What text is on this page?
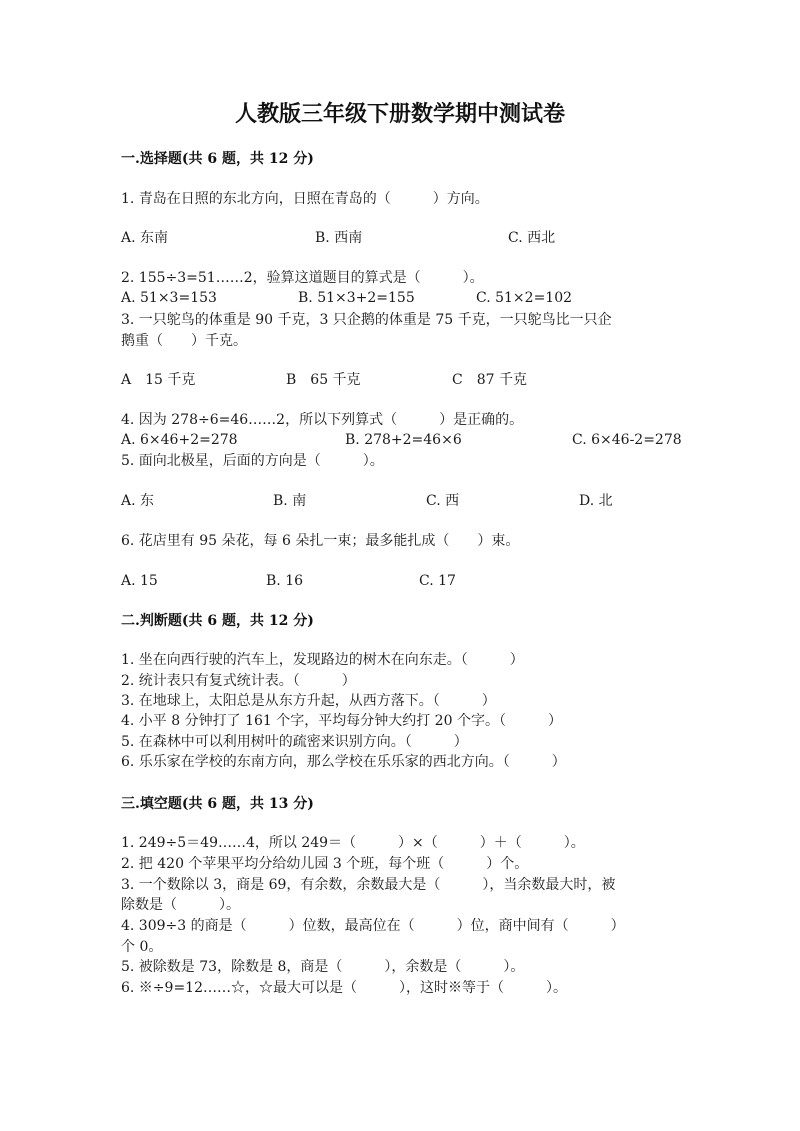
人教版三年级下册数学期中测试卷
一.选择题(共 6 题，共 12 分)
1. 青岛在日照的东北方向，日照在青岛的（　　　）方向。
A. 东南	B. 西南	C. 西北
2. 155÷3=51……2，验算这道题目的算式是（　　　）。
A. 51×3=153	B. 51×3+2=155	C. 51×2=102
3. 一只鸵鸟的体重是 90 千克，3 只企鹅的体重是 75 千克，一只鸵鸟比一只企
鹅重（　　）千克。
A　15 千克	B　65 千克	C　87 千克
4. 因为 278÷6=46……2，所以下列算式（　　　）是正确的。
A. 6×46+2=278	B. 278+2=46×6	C. 6×46-2=278
5. 面向北极星，后面的方向是（　　　）。
A. 东	B. 南	C. 西	D. 北
6. 花店里有 95 朵花，每 6 朵扎一束；最多能扎成（　　）束。
A. 15	B. 16	C. 17
二.判断题(共 6 题，共 12 分)
1. 坐在向西行驶的汽车上，发现路边的树木在向东走。（　　　）
2. 统计表只有复式统计表。（　　　）
3. 在地球上，太阳总是从东方升起，从西方落下。（　　　）
4. 小平 8 分钟打了 161 个字，平均每分钟大约打 20 个字。（　　　）
5. 在森林中可以利用树叶的疏密来识别方向。（　　　）
6. 乐乐家在学校的东南方向，那么学校在乐乐家的西北方向。（　　　）
三.填空题(共 6 题，共 13 分)
1. 249÷5＝49……4，所以 249＝（　　　）×（　　　）＋（　　　）。
2. 把 420 个苹果平均分给幼儿园 3 个班，每个班（　　　）个。
3. 一个数除以 3，商是 69，有余数，余数最大是（　　　），当余数最大时，被
除数是（　　　）。
4. 309÷3 的商是（　　　）位数，最高位在（　　　）位，商中间有（　　　）
个 0。
5. 被除数是 73，除数是 8，商是（　　　），余数是（　　　）。
6. ※÷9=12……☆，☆最大可以是（　　　），这时※等于（　　　）。
